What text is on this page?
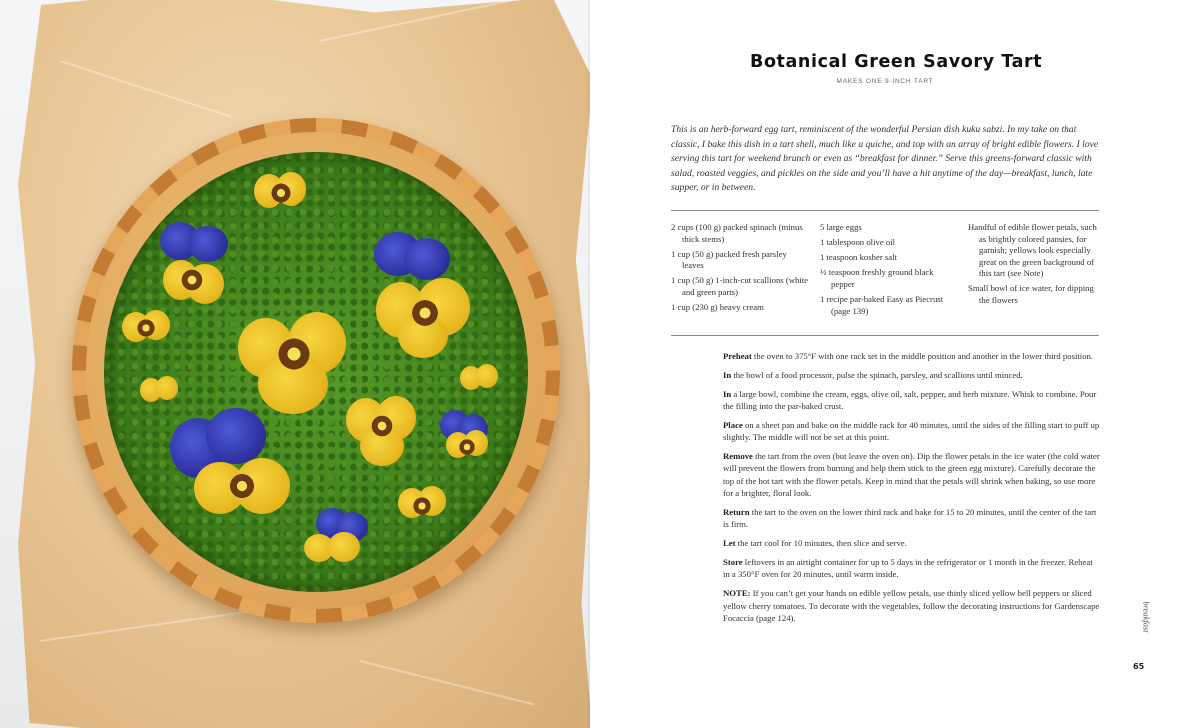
Botanical Green Savory Tart
MAKES ONE 9-INCH TART
This is an herb-forward egg tart, reminiscent of the wonderful Persian dish kuku sabzi. In my take on that classic, I bake this dish in a tart shell, much like a quiche, and top with an array of bright edible flowers. I love serving this tart for weekend brunch or even as “breakfast for dinner.” Serve this greens-forward classic with salad, roasted veggies, and pickles on the side and you’ll have a hit anytime of the day—breakfast, lunch, late supper, or in between.
2 cups (100 g) packed spinach (minus thick stems)
1 cup (50 g) packed fresh parsley leaves
1 cup (50 g) 1-inch-cut scallions (white and green parts)
1 cup (230 g) heavy cream
5 large eggs
1 tablespoon olive oil
1 teaspoon kosher salt
½ teaspoon freshly ground black pepper
1 recipe par-baked Easy as Piecrust (page 139)
Handful of edible flower petals, such as brightly colored pansies, for garnish; yellows look especially great on the green background of this tart (see Note)
Small bowl of ice water, for dipping the flowers

Preheat the oven to 375°F with one rack set in the middle position and another in the lower third position.

In the bowl of a food processor, pulse the spinach, parsley, and scallions until minced.

In a large bowl, combine the cream, eggs, olive oil, salt, pepper, and herb mixture. Whisk to combine. Pour the filling into the par-baked crust.

Place on a sheet pan and bake on the middle rack for 40 minutes, until the sides of the filling start to puff up slightly. The middle will not be set at this point.

Remove the tart from the oven (but leave the oven on). Dip the flower petals in the ice water (the cold water will prevent the flowers from burning and help them stick to the green egg mixture). Carefully decorate the top of the hot tart with the flower petals. Keep in mind that the petals will shrink when baking, so use more for a brighter, floral look.

Return the tart to the oven on the lower third rack and bake for 15 to 20 minutes, until the center of the tart is firm.

Let the tart cool for 10 minutes, then slice and serve.

Store leftovers in an airtight container for up to 5 days in the refrigerator or 1 month in the freezer. Reheat in a 350°F oven for 20 minutes, until warm inside.

NOTE: If you can’t get your hands on edible yellow petals, use thinly sliced yellow bell peppers or sliced yellow cherry tomatoes. To decorate with the vegetables, follow the decorating instructions for Gardenscape Focaccia (page 124).	breakfast
65
